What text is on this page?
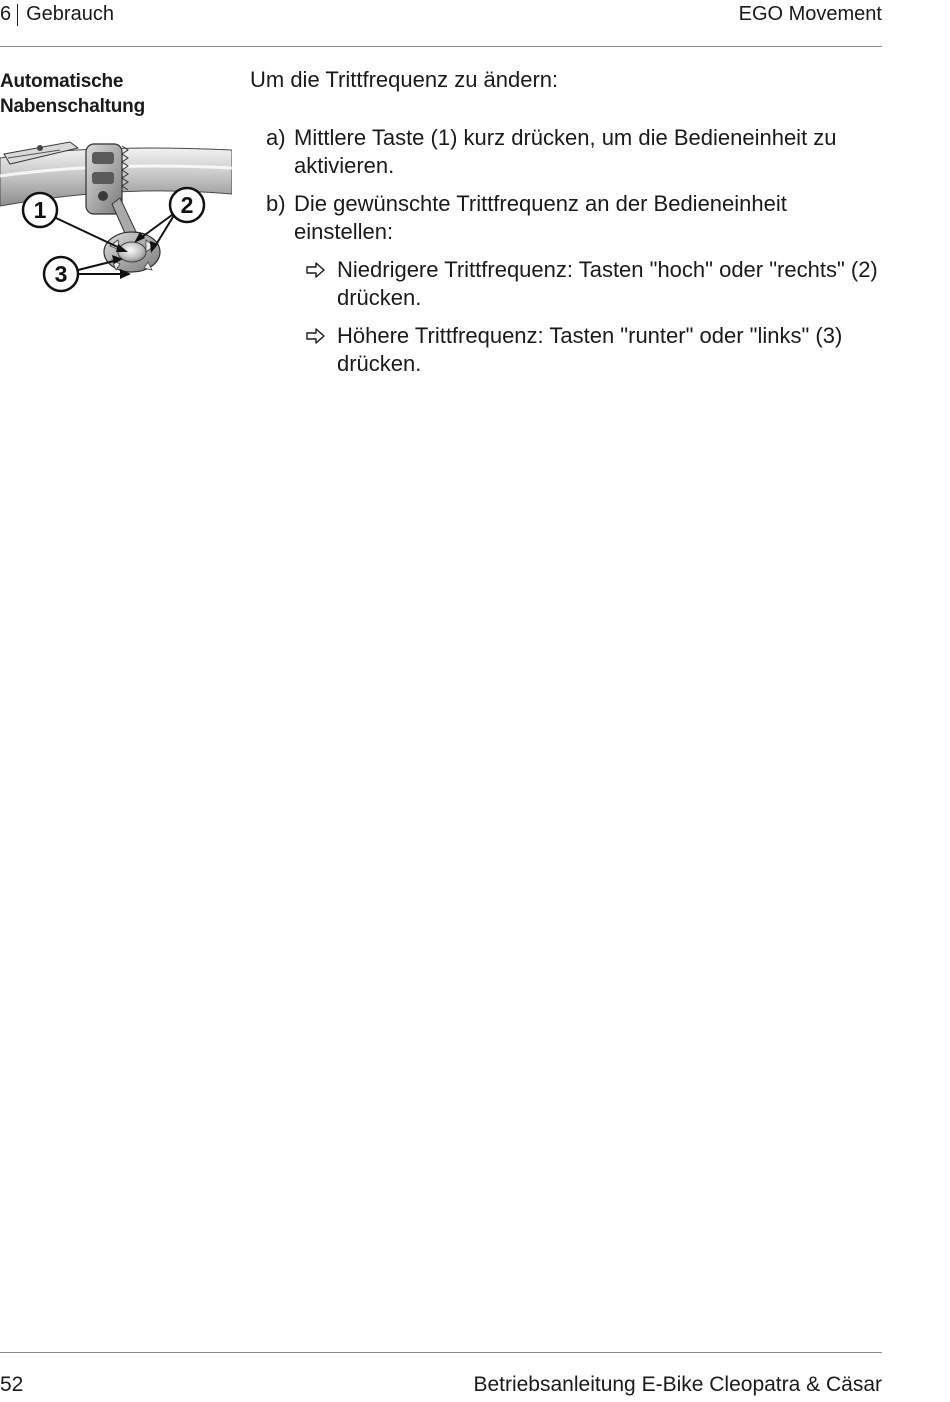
6 Gebrauch	EGO Movement
Automatische
Nabenschaltung
1	2
3

Um die Trittfrequenz zu ändern:

a) Mittlere Taste (1) kurz drücken, um die Bedieneinheit zu aktivieren.
b) Die gewünschte Trittfrequenz an der Bedieneinheit einstellen:
Niedrigere Trittfrequenz: Tasten "hoch" oder "rechts" (2) drücken.
Höhere Trittfrequenz: Tasten "runter" oder "links" (3) drücken.
52	Betriebsanleitung E-Bike Cleopatra & Cäsar
